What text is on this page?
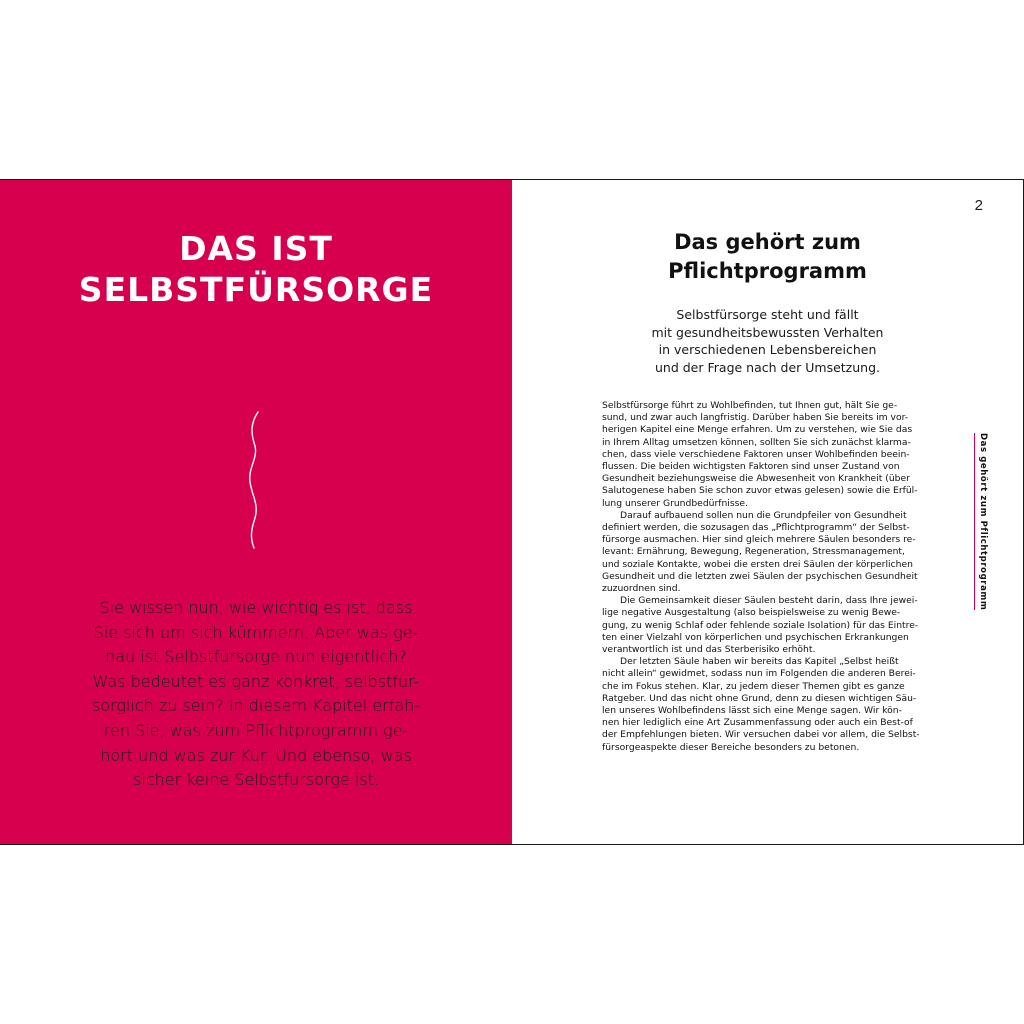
DAS IST
SELBSTFÜRSORGE

Sie wissen nun, wie wichtig es ist, dass
Sie sich um sich kümmern. Aber was ge-
nau ist Selbstfürsorge nun eigentlich?
Was bedeutet es ganz konkret, selbstfür-
sorglich zu sein? In diesem Kapitel erfah-
ren Sie, was zum Pflichtprogramm ge-
hört und was zur Kür. Und ebenso, was
sicher keine Selbstfürsorge ist.

2
Das gehört zum
Pflichtprogramm

Selbstfürsorge steht und fällt
mit gesundheitsbewussten Verhalten
in verschiedenen Lebensbereichen
und der Frage nach der Umsetzung.

Selbstfürsorge führt zu Wohlbefinden, tut Ihnen gut, hält Sie ge-
sund, und zwar auch langfristig. Darüber haben Sie bereits im vor-
herigen Kapitel eine Menge erfahren. Um zu verstehen, wie Sie das
in Ihrem Alltag umsetzen können, sollten Sie sich zunächst klarma-
chen, dass viele verschiedene Faktoren unser Wohlbefinden beein-
flussen. Die beiden wichtigsten Faktoren sind unser Zustand von
Gesundheit beziehungsweise die Abwesenheit von Krankheit (über
Salutogenese haben Sie schon zuvor etwas gelesen) sowie die Erfül-
lung unserer Grundbedürfnisse.
Darauf aufbauend sollen nun die Grundpfeiler von Gesundheit
definiert werden, die sozusagen das „Pflichtprogramm“ der Selbst-
fürsorge ausmachen. Hier sind gleich mehrere Säulen besonders re-
levant: Ernährung, Bewegung, Regeneration, Stressmanagement,
und soziale Kontakte, wobei die ersten drei Säulen der körperlichen
Gesundheit und die letzten zwei Säulen der psychischen Gesundheit
zuzuordnen sind.
Die Gemeinsamkeit dieser Säulen besteht darin, dass Ihre jewei-
lige negative Ausgestaltung (also beispielsweise zu wenig Bewe-
gung, zu wenig Schlaf oder fehlende soziale Isolation) für das Eintre-
ten einer Vielzahl von körperlichen und psychischen Erkrankungen
verantwortlich ist und das Sterberisiko erhöht.
Der letzten Säule haben wir bereits das Kapitel „Selbst heißt
nicht allein“ gewidmet, sodass nun im Folgenden die anderen Berei-
che im Fokus stehen. Klar, zu jedem dieser Themen gibt es ganze
Ratgeber. Und das nicht ohne Grund, denn zu diesen wichtigen Säu-
len unseres Wohlbefindens lässt sich eine Menge sagen. Wir kön-
nen hier lediglich eine Art Zusammenfassung oder auch ein Best-of
der Empfehlungen bieten. Wir versuchen dabei vor allem, die Selbst-
fürsorgeaspekte dieser Bereiche besonders zu betonen.
Das gehört zum Pflichtprogramm
